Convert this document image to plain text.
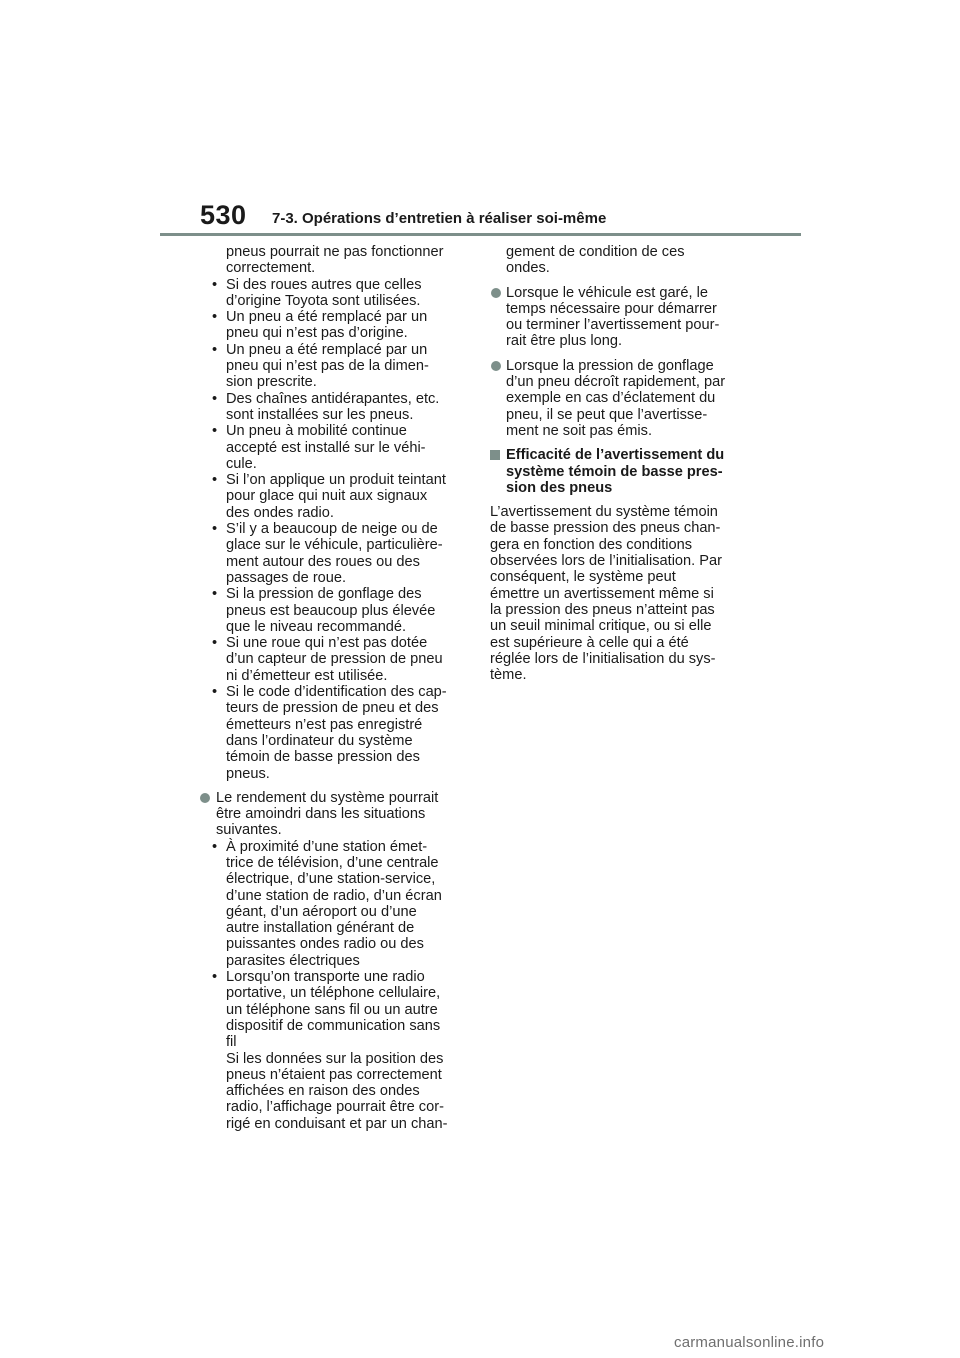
530 7-3. Opérations d’entretien à réaliser soi-même
pneus pourrait ne pas fonctionner
correctement.
• Si des roues autres que celles
d’origine Toyota sont utilisées.
• Un pneu a été remplacé par un
pneu qui n’est pas d’origine.
• Un pneu a été remplacé par un
pneu qui n’est pas de la dimen-
sion prescrite.
• Des chaînes antidérapantes, etc.
sont installées sur les pneus.
• Un pneu à mobilité continue
accepté est installé sur le véhi-
cule.
• Si l’on applique un produit teintant
pour glace qui nuit aux signaux
des ondes radio.
• S’il y a beaucoup de neige ou de
glace sur le véhicule, particulière-
ment autour des roues ou des
passages de roue.
• Si la pression de gonflage des
pneus est beaucoup plus élevée
que le niveau recommandé.
• Si une roue qui n’est pas dotée
d’un capteur de pression de pneu
ni d’émetteur est utilisée.
• Si le code d’identification des cap-
teurs de pression de pneu et des
émetteurs n’est pas enregistré
dans l’ordinateur du système
témoin de basse pression des
pneus.
Le rendement du système pourrait
être amoindri dans les situations
suivantes.
• À proximité d’une station émet-
trice de télévision, d’une centrale
électrique, d’une station-service,
d’une station de radio, d’un écran
géant, d’un aéroport ou d’une
autre installation générant de
puissantes ondes radio ou des
parasites électriques
• Lorsqu’on transporte une radio
portative, un téléphone cellulaire,
un téléphone sans fil ou un autre
dispositif de communication sans
fil
Si les données sur la position des
pneus n’étaient pas correctement
affichées en raison des ondes
radio, l’affichage pourrait être cor-
rigé en conduisant et par un chan-
gement de condition de ces
ondes.
Lorsque le véhicule est garé, le
temps nécessaire pour démarrer
ou terminer l’avertissement pour-
rait être plus long.
Lorsque la pression de gonflage
d’un pneu décroît rapidement, par
exemple en cas d’éclatement du
pneu, il se peut que l’avertisse-
ment ne soit pas émis.
Efficacité de l’avertissement du
système témoin de basse pres-
sion des pneus
L’avertissement du système témoin
de basse pression des pneus chan-
gera en fonction des conditions
observées lors de l’initialisation. Par
conséquent, le système peut
émettre un avertissement même si
la pression des pneus n’atteint pas
un seuil minimal critique, ou si elle
est supérieure à celle qui a été
réglée lors de l’initialisation du sys-
tème.
carmanualsonline.info
